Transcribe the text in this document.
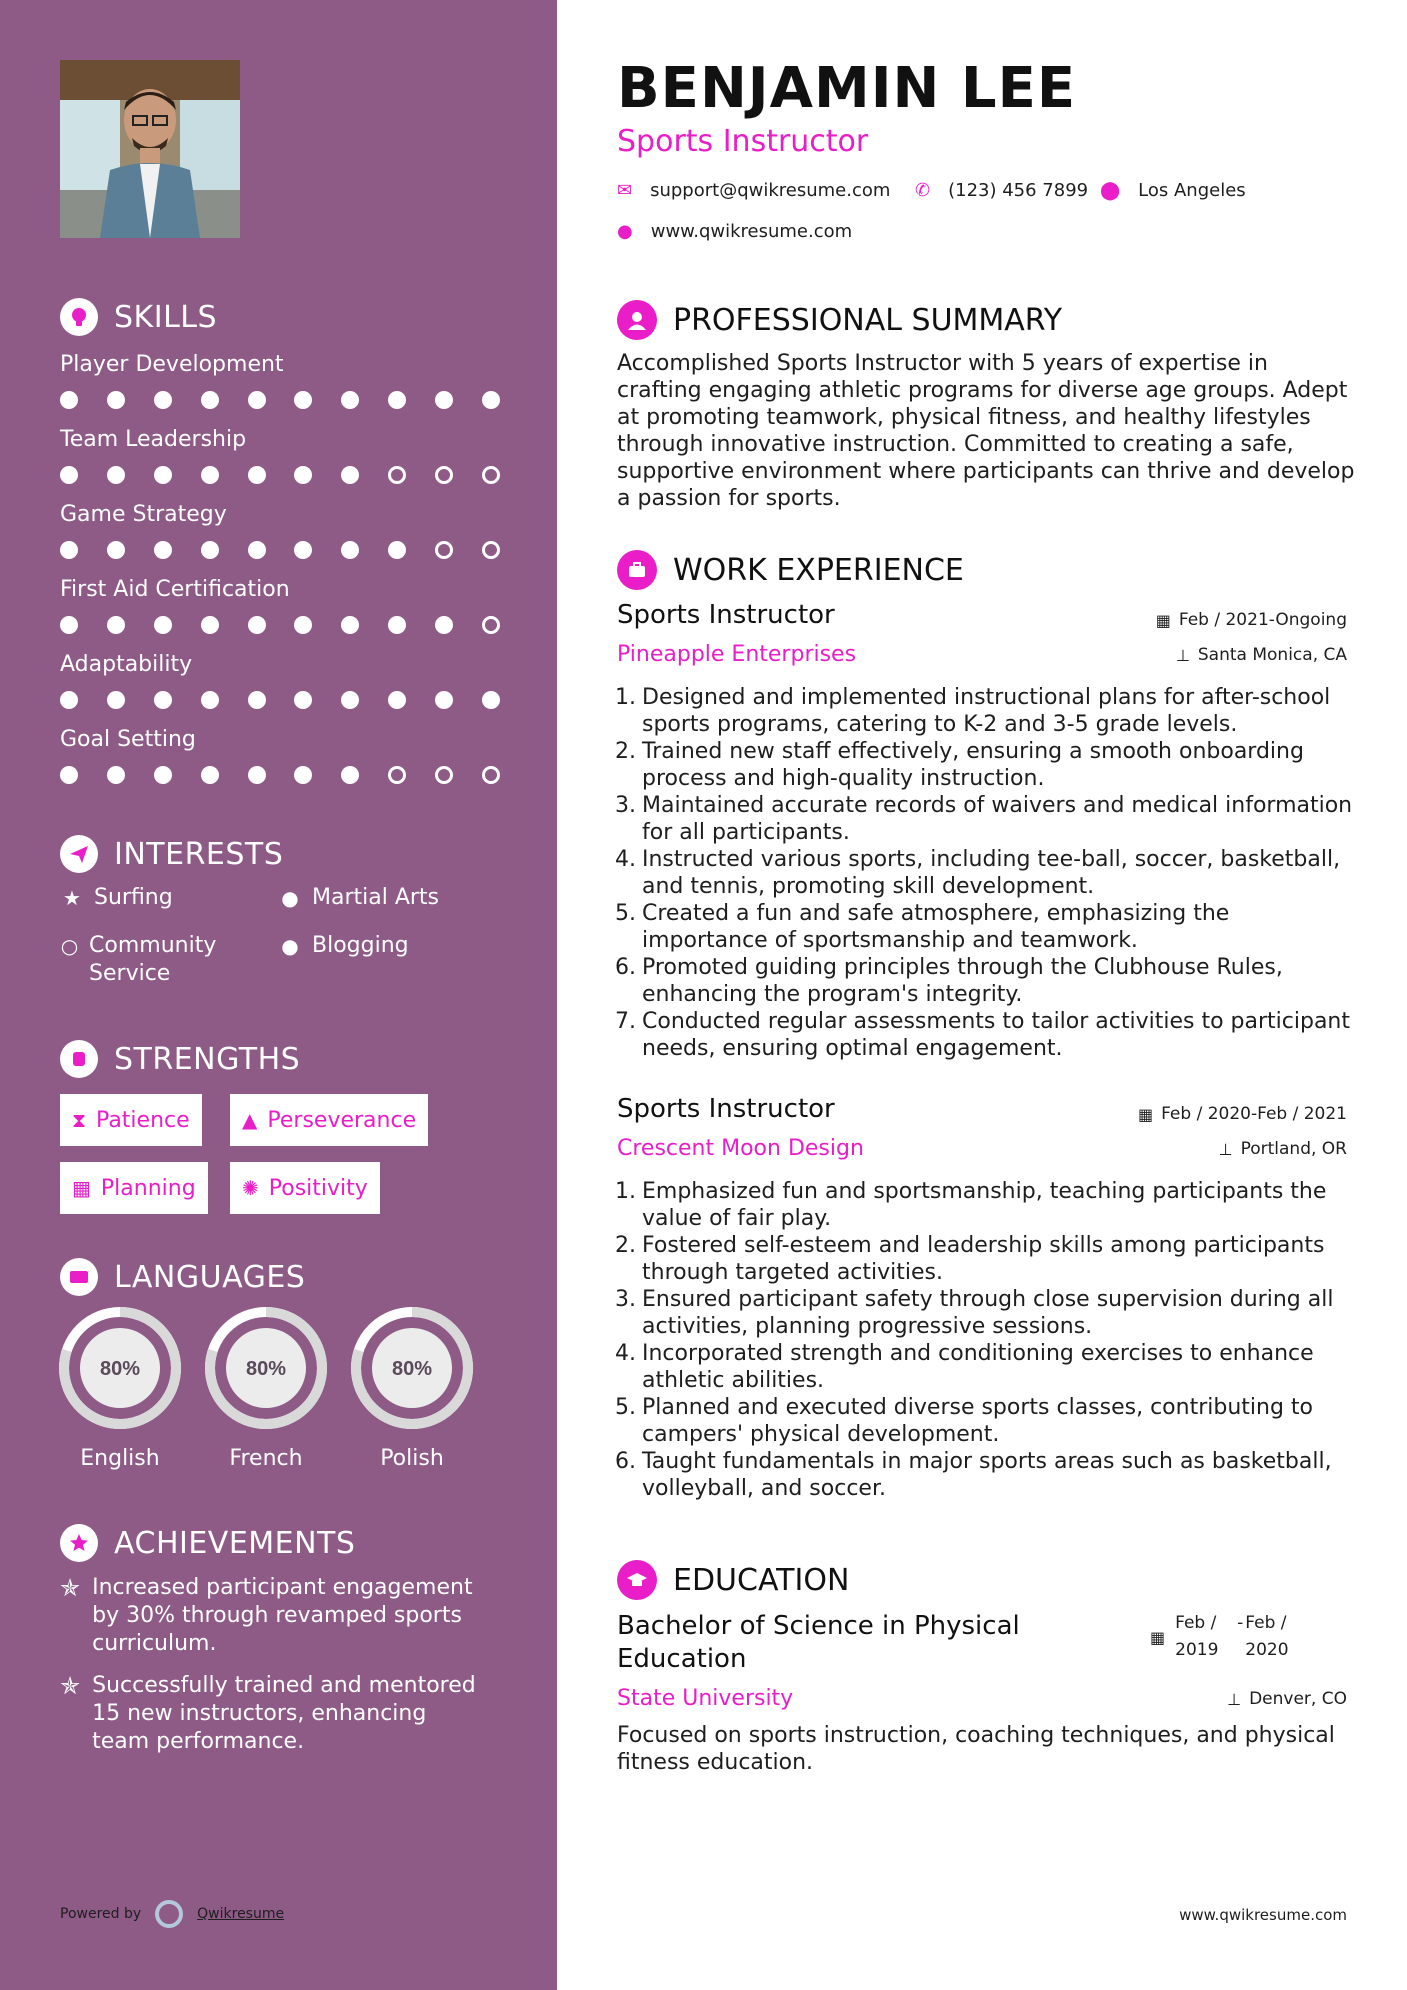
SKILLS
Player Development
Team Leadership
Game Strategy
First Aid Certification
Adaptability
Goal Setting
INTERESTS
★ Surfing	● Martial Arts
○ Community Service
● Blogging
STRENGTHS
⧗ Patience	▲ Perseverance
▦ Planning ✺ Positivity
LANGUAGES
80%
English
80%
French
80%
Polish
ACHIEVEMENTS
✯ Increased participant engagement by 30% through revamped sports curriculum.
✯ Successfully trained and mentored 15 new instructors, enhancing team performance.
Powered by	Qwikresume
BENJAMIN LEE
Sports Instructor
✉ support@qwikresume.com ✆ (123) 456 7899 ⬤ Los Angeles
● www.qwikresume.com
PROFESSIONAL SUMMARY
Accomplished Sports Instructor with 5 years of expertise in crafting engaging athletic programs for diverse age groups. Adept at promoting teamwork, physical fitness, and healthy lifestyles through innovative instruction. Committed to creating a safe, supportive environment where participants can thrive and develop a passion for sports.
WORK EXPERIENCE
Sports Instructor	▦ Feb / 2021-Ongoing
Pineapple Enterprises	⊥ Santa Monica, CA
1. Designed and implemented instructional plans for after-school sports programs, catering to K-2 and 3-5 grade levels.
2. Trained new staff effectively, ensuring a smooth onboarding process and high-quality instruction.
3. Maintained accurate records of waivers and medical information for all participants.
4. Instructed various sports, including tee-ball, soccer, basketball, and tennis, promoting skill development.
5. Created a fun and safe atmosphere, emphasizing the importance of sportsmanship and teamwork.
6. Promoted guiding principles through the Clubhouse Rules, enhancing the program's integrity.
7. Conducted regular assessments to tailor activities to participant needs, ensuring optimal engagement.
Sports Instructor	▦ Feb / 2020-Feb / 2021
Crescent Moon Design	⊥ Portland, OR
1. Emphasized fun and sportsmanship, teaching participants the value of fair play.
2. Fostered self-esteem and leadership skills among participants through targeted activities.
3. Ensured participant safety through close supervision during all activities, planning progressive sessions.
4. Incorporated strength and conditioning exercises to enhance athletic abilities.
5. Planned and executed diverse sports classes, contributing to campers' physical development.
6. Taught fundamentals in major sports areas such as basketball, volleyball, and soccer.
EDUCATION
Bachelor of Science in Physical Education
▦
Feb / 2019
- Feb / 2020
State University	⊥ Denver, CO
Focused on sports instruction, coaching techniques, and physical fitness education.
www.qwikresume.com
